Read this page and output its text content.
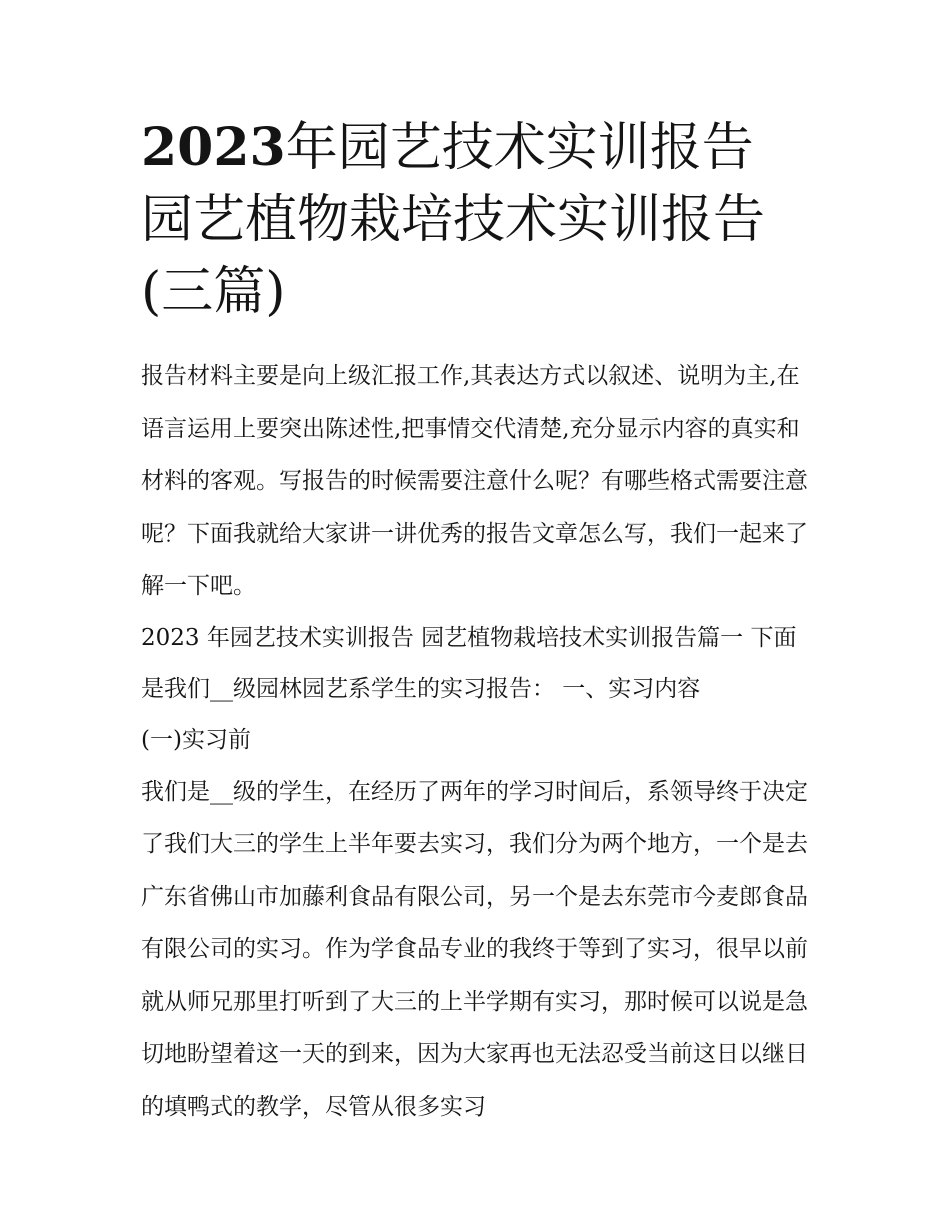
2023年园艺技术实训报告 园艺植物栽培技术实训报告(三篇)

报告材料主要是向上级汇报工作,其表达方式以叙述、说明为主,在语言运用上要突出陈述性,把事情交代清楚,充分显示内容的真实和材料的客观。写报告的时候需要注意什么呢？有哪些格式需要注意呢？下面我就给大家讲一讲优秀的报告文章怎么写，我们一起来了解一下吧。

2023 年园艺技术实训报告 园艺植物栽培技术实训报告篇一 下面是我们__级园林园艺系学生的实习报告： 一、实习内容

(一)实习前

我们是__级的学生，在经历了两年的学习时间后，系领导终于决定了我们大三的学生上半年要去实习，我们分为两个地方，一个是去广东省佛山市加藤利食品有限公司，另一个是去东莞市今麦郎食品有限公司的实习。作为学食品专业的我终于等到了实习，很早以前就从师兄那里打听到了大三的上半学期有实习，那时候可以说是急切地盼望着这一天的到来，因为大家再也无法忍受当前这日以继日的填鸭式的教学，尽管从很多实习
